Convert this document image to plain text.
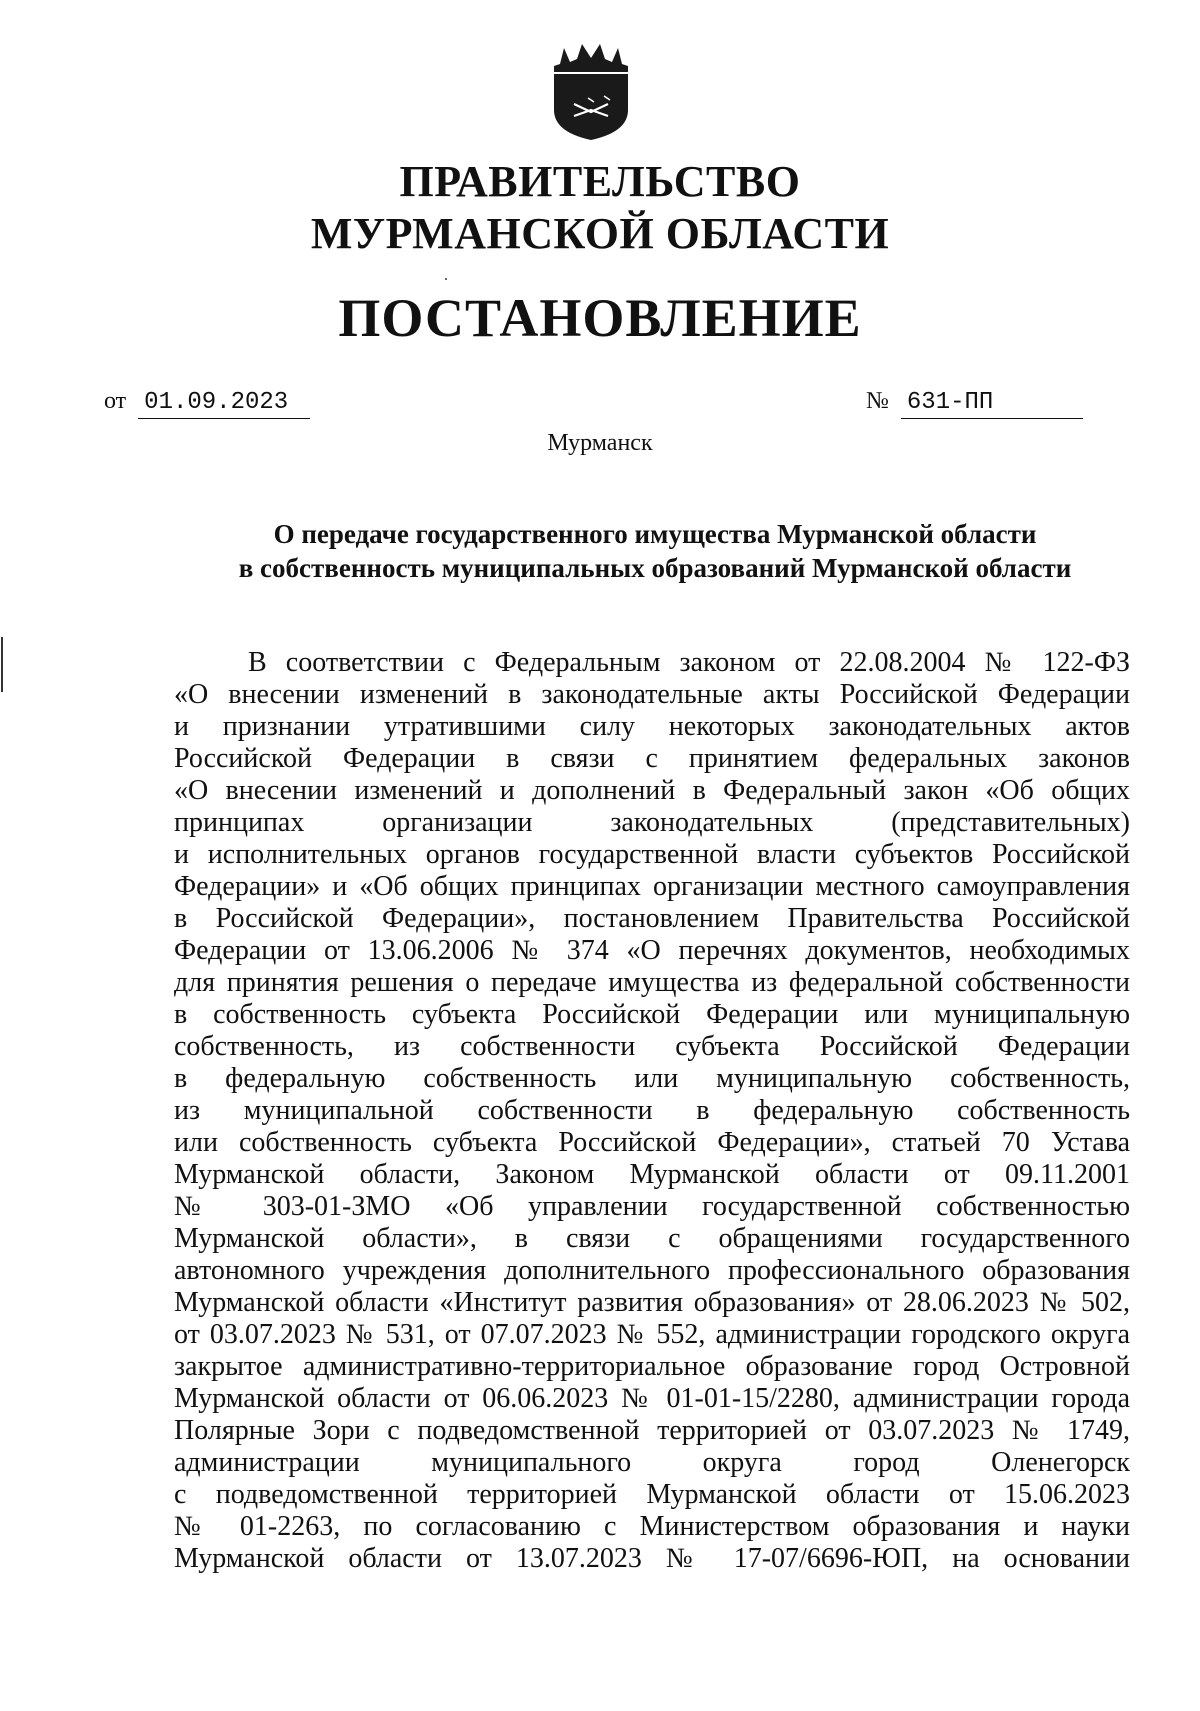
ПРАВИТЕЛЬСТВО
МУРМАНСКОЙ ОБЛАСТИ
ПОСТАНОВЛЕНИЕ
от 01.09.2023	№ 631-ПП
Мурманск
О передаче государственного имущества Мурманской области
в собственность муниципальных образований Мурманской области
В соответствии с Федеральным законом от 22.08.2004 № 122-ФЗ
«О внесении изменений в законодательные акты Российской Федерации
и признании утратившими силу некоторых законодательных актов
Российской Федерации в связи с принятием федеральных законов
«О внесении изменений и дополнений в Федеральный закон «Об общих
принципах организации законодательных (представительных)
и исполнительных органов государственной власти субъектов Российской
Федерации» и «Об общих принципах организации местного самоуправления
в Российской Федерации», постановлением Правительства Российской
Федерации от 13.06.2006 № 374 «О перечнях документов, необходимых
для принятия решения о передаче имущества из федеральной собственности
в собственность субъекта Российской Федерации или муниципальную
собственность, из собственности субъекта Российской Федерации
в федеральную собственность или муниципальную собственность,
из муниципальной собственности в федеральную собственность
или собственность субъекта Российской Федерации», статьей 70 Устава
Мурманской области, Законом Мурманской области от 09.11.2001
№ 303-01-ЗМО «Об управлении государственной собственностью
Мурманской области», в связи с обращениями государственного
автономного учреждения дополнительного профессионального образования
Мурманской области «Институт развития образования» от 28.06.2023 № 502,
от 03.07.2023 № 531, от 07.07.2023 № 552, администрации городского округа
закрытое административно-территориальное образование город Островной
Мурманской области от 06.06.2023 № 01-01-15/2280, администрации города
Полярные Зори с подведомственной территорией от 03.07.2023 № 1749,
администрации муниципального округа город Оленегорск
с подведомственной территорией Мурманской области от 15.06.2023
№ 01-2263, по согласованию с Министерством образования и науки
Мурманской области от 13.07.2023 № 17-07/6696-ЮП, на основании
